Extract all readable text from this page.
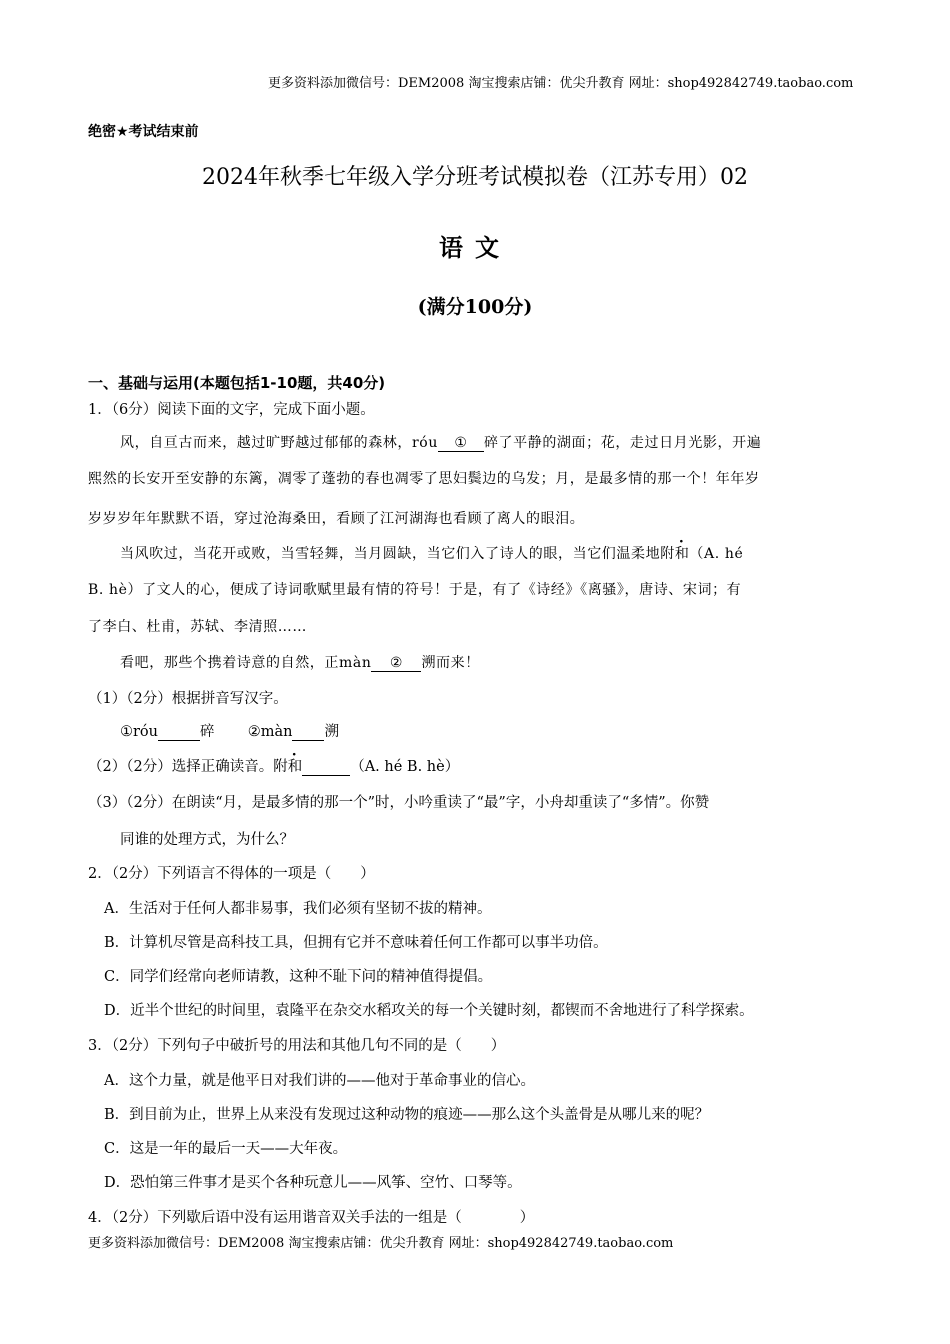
更多资料添加微信号：DEM2008 淘宝搜索店铺：优尖升教育 网址：shop492842749.taobao.com
绝密★考试结束前
2024年秋季七年级入学分班考试模拟卷（江苏专用）02
语文
(满分100分)
一、基础与运用(本题包括1-10题，共40分)
1．（6分）阅读下面的文字，完成下面小题。
风，自亘古而来，越过旷野越过郁郁的森林，róu ① 碎了平静的湖面；花，走过日月光影，开遍
熙然的长安开至安静的东篱，凋零了蓬勃的春也凋零了思妇鬓边的乌发；月，是最多情的那一个！年年岁
岁岁岁年年默默不语，穿过沧海桑田，看顾了江河湖海也看顾了离人的眼泪。
当风吹过，当花开或败，当雪轻舞，当月圆缺，当它们入了诗人的眼，当它们温柔地附和（A. hé
B. hè）了文人的心，便成了诗词歌赋里最有情的符号！于是，有了《诗经》《离骚》，唐诗、宋词；有
了李白、杜甫，苏轼、李清照……
看吧，那些个携着诗意的自然，正màn ② 溯而来！
（1）（2分）根据拼音写汉字。
①róu	碎 ②màn 溯
（2）（2分）选择正确读音。附和	（A. hé B. hè）
（3）（2分）在朗读“月，是最多情的那一个”时，小吟重读了“最”字，小舟却重读了“多情”。你赞
同谁的处理方式，为什么？
2．（2分）下列语言不得体的一项是（　　）
A．生活对于任何人都非易事，我们必须有坚韧不拔的精神。
B．计算机尽管是高科技工具，但拥有它并不意味着任何工作都可以事半功倍。
C．同学们经常向老师请教，这种不耻下问的精神值得提倡。
D．近半个世纪的时间里，袁隆平在杂交水稻攻关的每一个关键时刻，都锲而不舍地进行了科学探索。
3．（2分）下列句子中破折号的用法和其他几句不同的是（　　）
A．这个力量，就是他平日对我们讲的——他对于革命事业的信心。
B．到目前为止，世界上从来没有发现过这种动物的痕迹——那么这个头盖骨是从哪儿来的呢？
C．这是一年的最后一天——大年夜。
D．恐怕第三件事才是买个各种玩意儿——风筝、空竹、口琴等。
4．（2分）下列歇后语中没有运用谐音双关手法的一组是（　　　　）
更多资料添加微信号：DEM2008 淘宝搜索店铺：优尖升教育 网址：shop492842749.taobao.com
